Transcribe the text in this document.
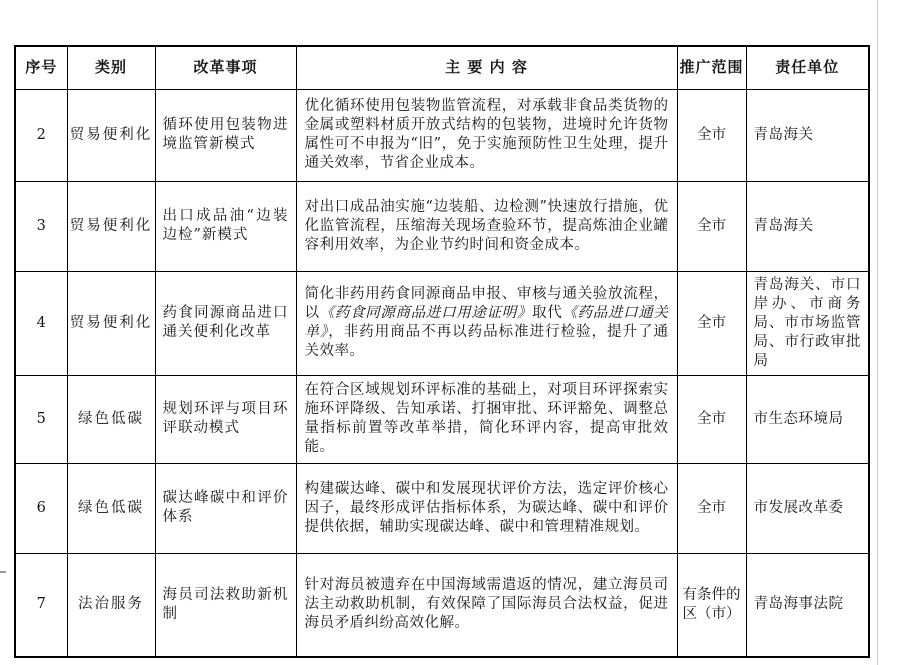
序号	类别	改革事项	主 要 内 容	推广范围	责任单位
2	贸易便利化	循环使用包装物进境监管新模式	优化循环使用包装物监管流程，对承载非食品类货物的金属或塑料材质开放式结构的包装物，进境时允许货物属性可不申报为“旧”，免于实施预防性卫生处理，提升通关效率，节省企业成本。	全市	青岛海关
3	贸易便利化	出口成品油“边装边检”新模式	对出口成品油实施“边装船、边检测”快速放行措施，优化监管流程，压缩海关现场查验环节，提高炼油企业罐容利用效率，为企业节约时间和资金成本。	全市	青岛海关
4	贸易便利化	药食同源商品进口通关便利化改革	简化非药用药食同源商品申报、审核与通关验放流程，以《药食同源商品进口用途证明》取代《药品进口通关单》，非药用商品不再以药品标准进行检验，提升了通关效率。	全市	青岛海关、市口岸办、市商务局、市市场监管局、市行政审批局
5	绿色低碳	规划环评与项目环评联动模式	在符合区域规划环评标准的基础上，对项目环评探索实施环评降级、告知承诺、打捆审批、环评豁免、调整总量指标前置等改革举措，简化环评内容，提高审批效能。	全市	市生态环境局
6	绿色低碳	碳达峰碳中和评价体系	构建碳达峰、碳中和发展现状评价方法，选定评价核心因子，最终形成评估指标体系，为碳达峰、碳中和评价提供依据，辅助实现碳达峰、碳中和管理精准规划。	全市	市发展改革委
7	法治服务	海员司法救助新机制	针对海员被遗弃在中国海域需遣返的情况，建立海员司法主动救助机制，有效保障了国际海员合法权益，促进海员矛盾纠纷高效化解。	有条件的区（市）	青岛海事法院
